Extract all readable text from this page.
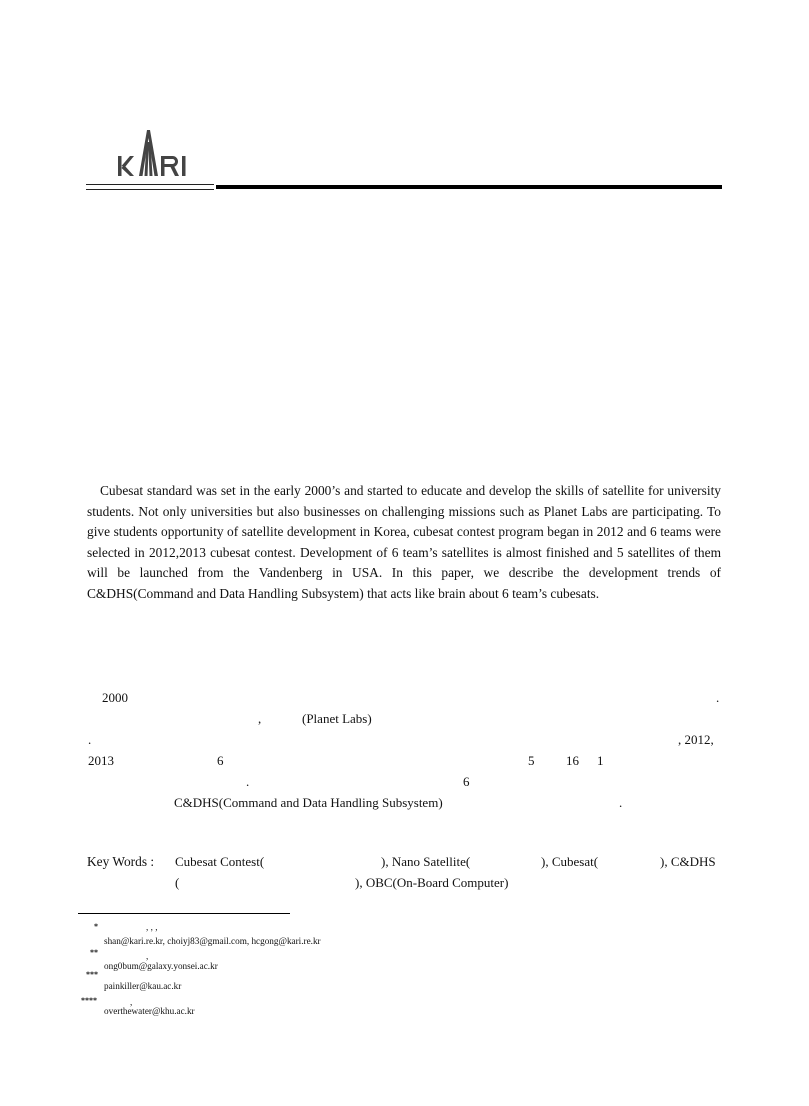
Cubesat standard was set in the early 2000’s and started to educate and develop the skills of satellite for university students. Not only universities but also businesses on challenging missions such as Planet Labs are participating. To give students opportunity of satellite development in Korea, cubesat contest program began in 2012 and 6 teams were selected in 2012,2013 cubesat contest. Development of 6 team’s satellites is almost finished and 5 satellites of them will be launched from the Vandenberg in USA. In this paper, we describe the development trends of C&DHS(Command and Data Handling Subsystem) that acts like brain about 6 team’s cubesats.
2000	.
,	(Planet Labs)
.	, 2012,
2013	6	5 16 1
.	6
C&DHS(Command and Data Handling Subsystem)	.
Key Words : Cubesat Contest(	), Nano Satellite(	), Cubesat(	), C&DHS
(	), OBC(On-Board Computer)
*	, , ,
shan@kari.re.kr, choiyj83@gmail.com, hcgong@kari.re.kr
**	,
ong0bum@galaxy.yonsei.ac.kr
***
painkiller@kau.ac.kr
****	,
overthewater@khu.ac.kr
